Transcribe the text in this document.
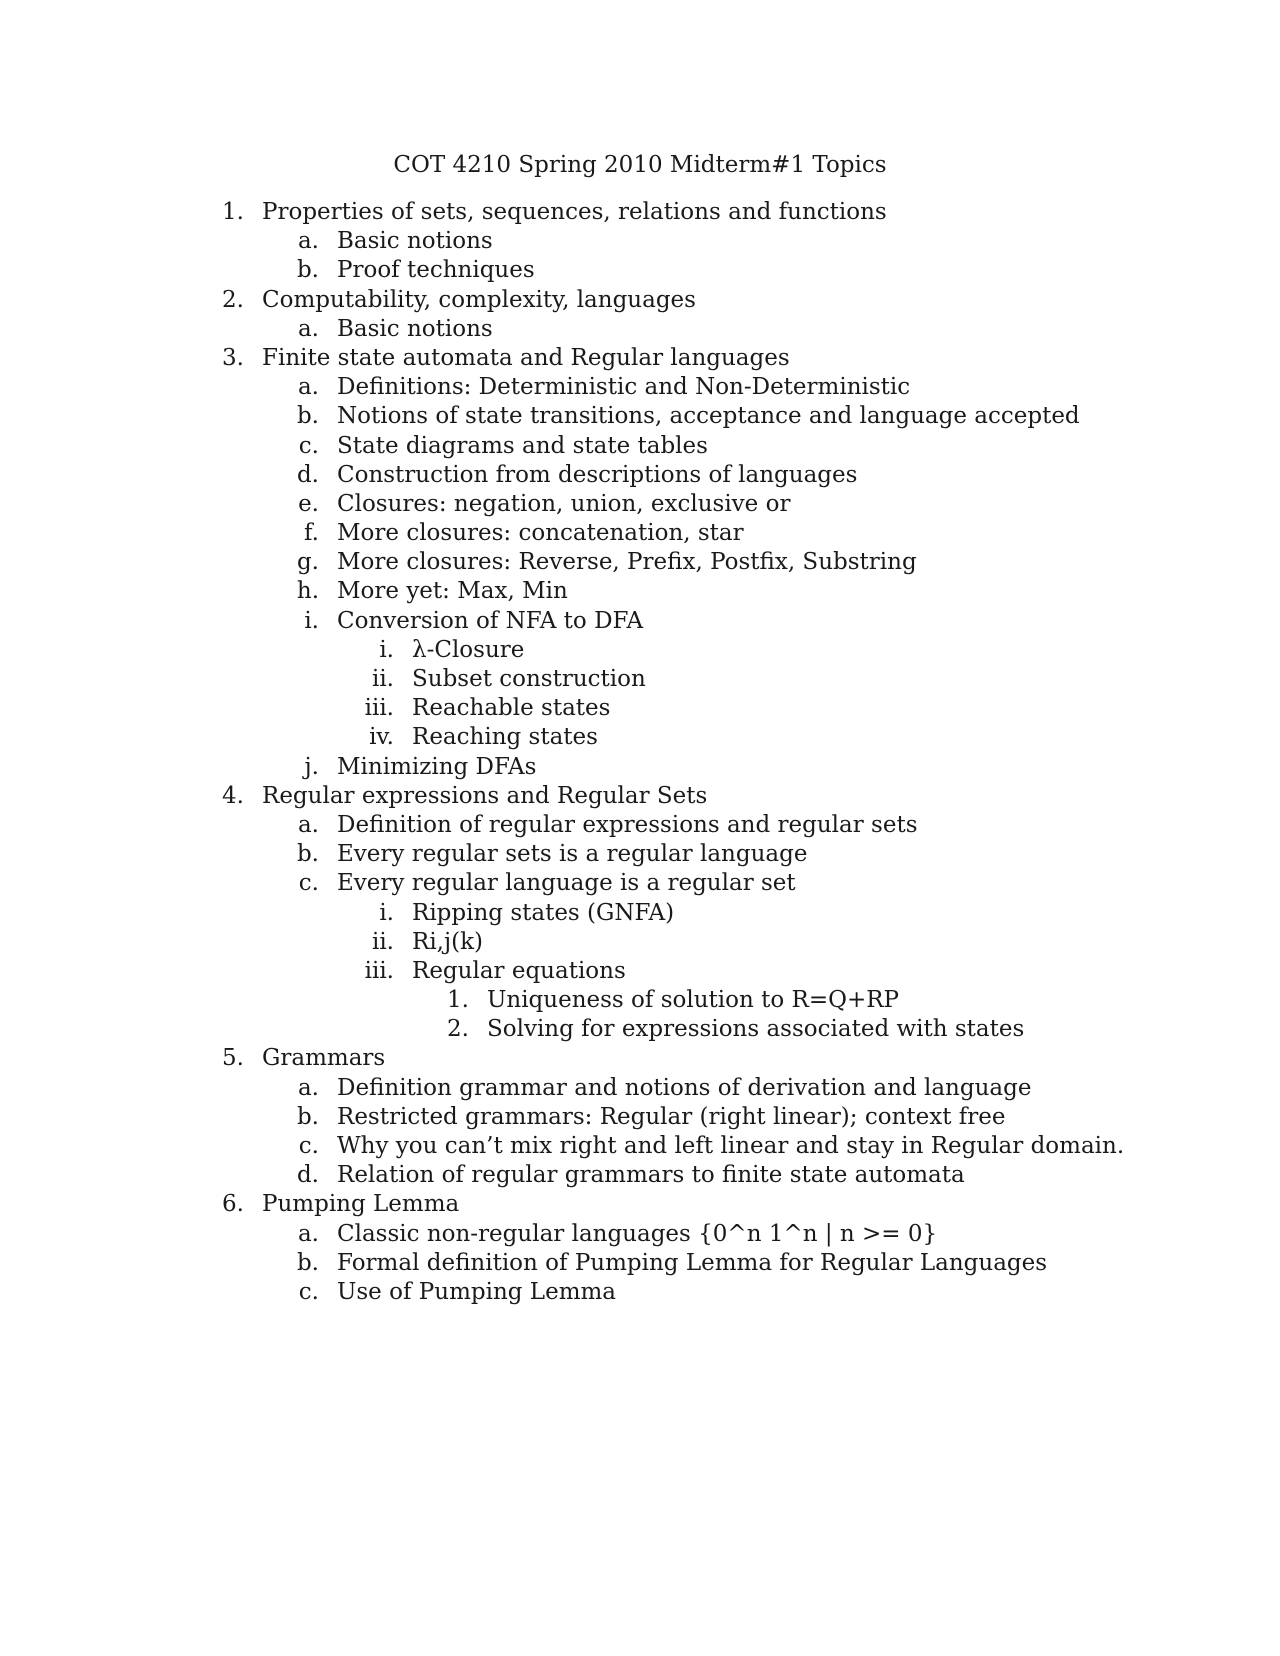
COT 4210 Spring 2010 Midterm#1 Topics
1. Properties of sets, sequences, relations and functions
a. Basic notions
b. Proof techniques
2. Computability, complexity, languages
a. Basic notions
3. Finite state automata and Regular languages
a. Definitions: Deterministic and Non-Deterministic
b. Notions of state transitions, acceptance and language accepted
c. State diagrams and state tables
d. Construction from descriptions of languages
e. Closures: negation, union, exclusive or
f. More closures: concatenation, star
g. More closures: Reverse, Prefix, Postfix, Substring
h. More yet: Max, Min
i. Conversion of NFA to DFA
i. λ-Closure
ii. Subset construction
iii. Reachable states
iv. Reaching states
j. Minimizing DFAs
4. Regular expressions and Regular Sets
a. Definition of regular expressions and regular sets
b. Every regular sets is a regular language
c. Every regular language is a regular set
i. Ripping states (GNFA)
ii. Ri,j(k)
iii. Regular equations
1. Uniqueness of solution to R=Q+RP
2. Solving for expressions associated with states
5. Grammars
a. Definition grammar and notions of derivation and language
b. Restricted grammars: Regular (right linear); context free
c. Why you can’t mix right and left linear and stay in Regular domain.
d. Relation of regular grammars to finite state automata
6. Pumping Lemma
a. Classic non-regular languages {0^n 1^n | n >= 0}
b. Formal definition of Pumping Lemma for Regular Languages
c. Use of Pumping Lemma
